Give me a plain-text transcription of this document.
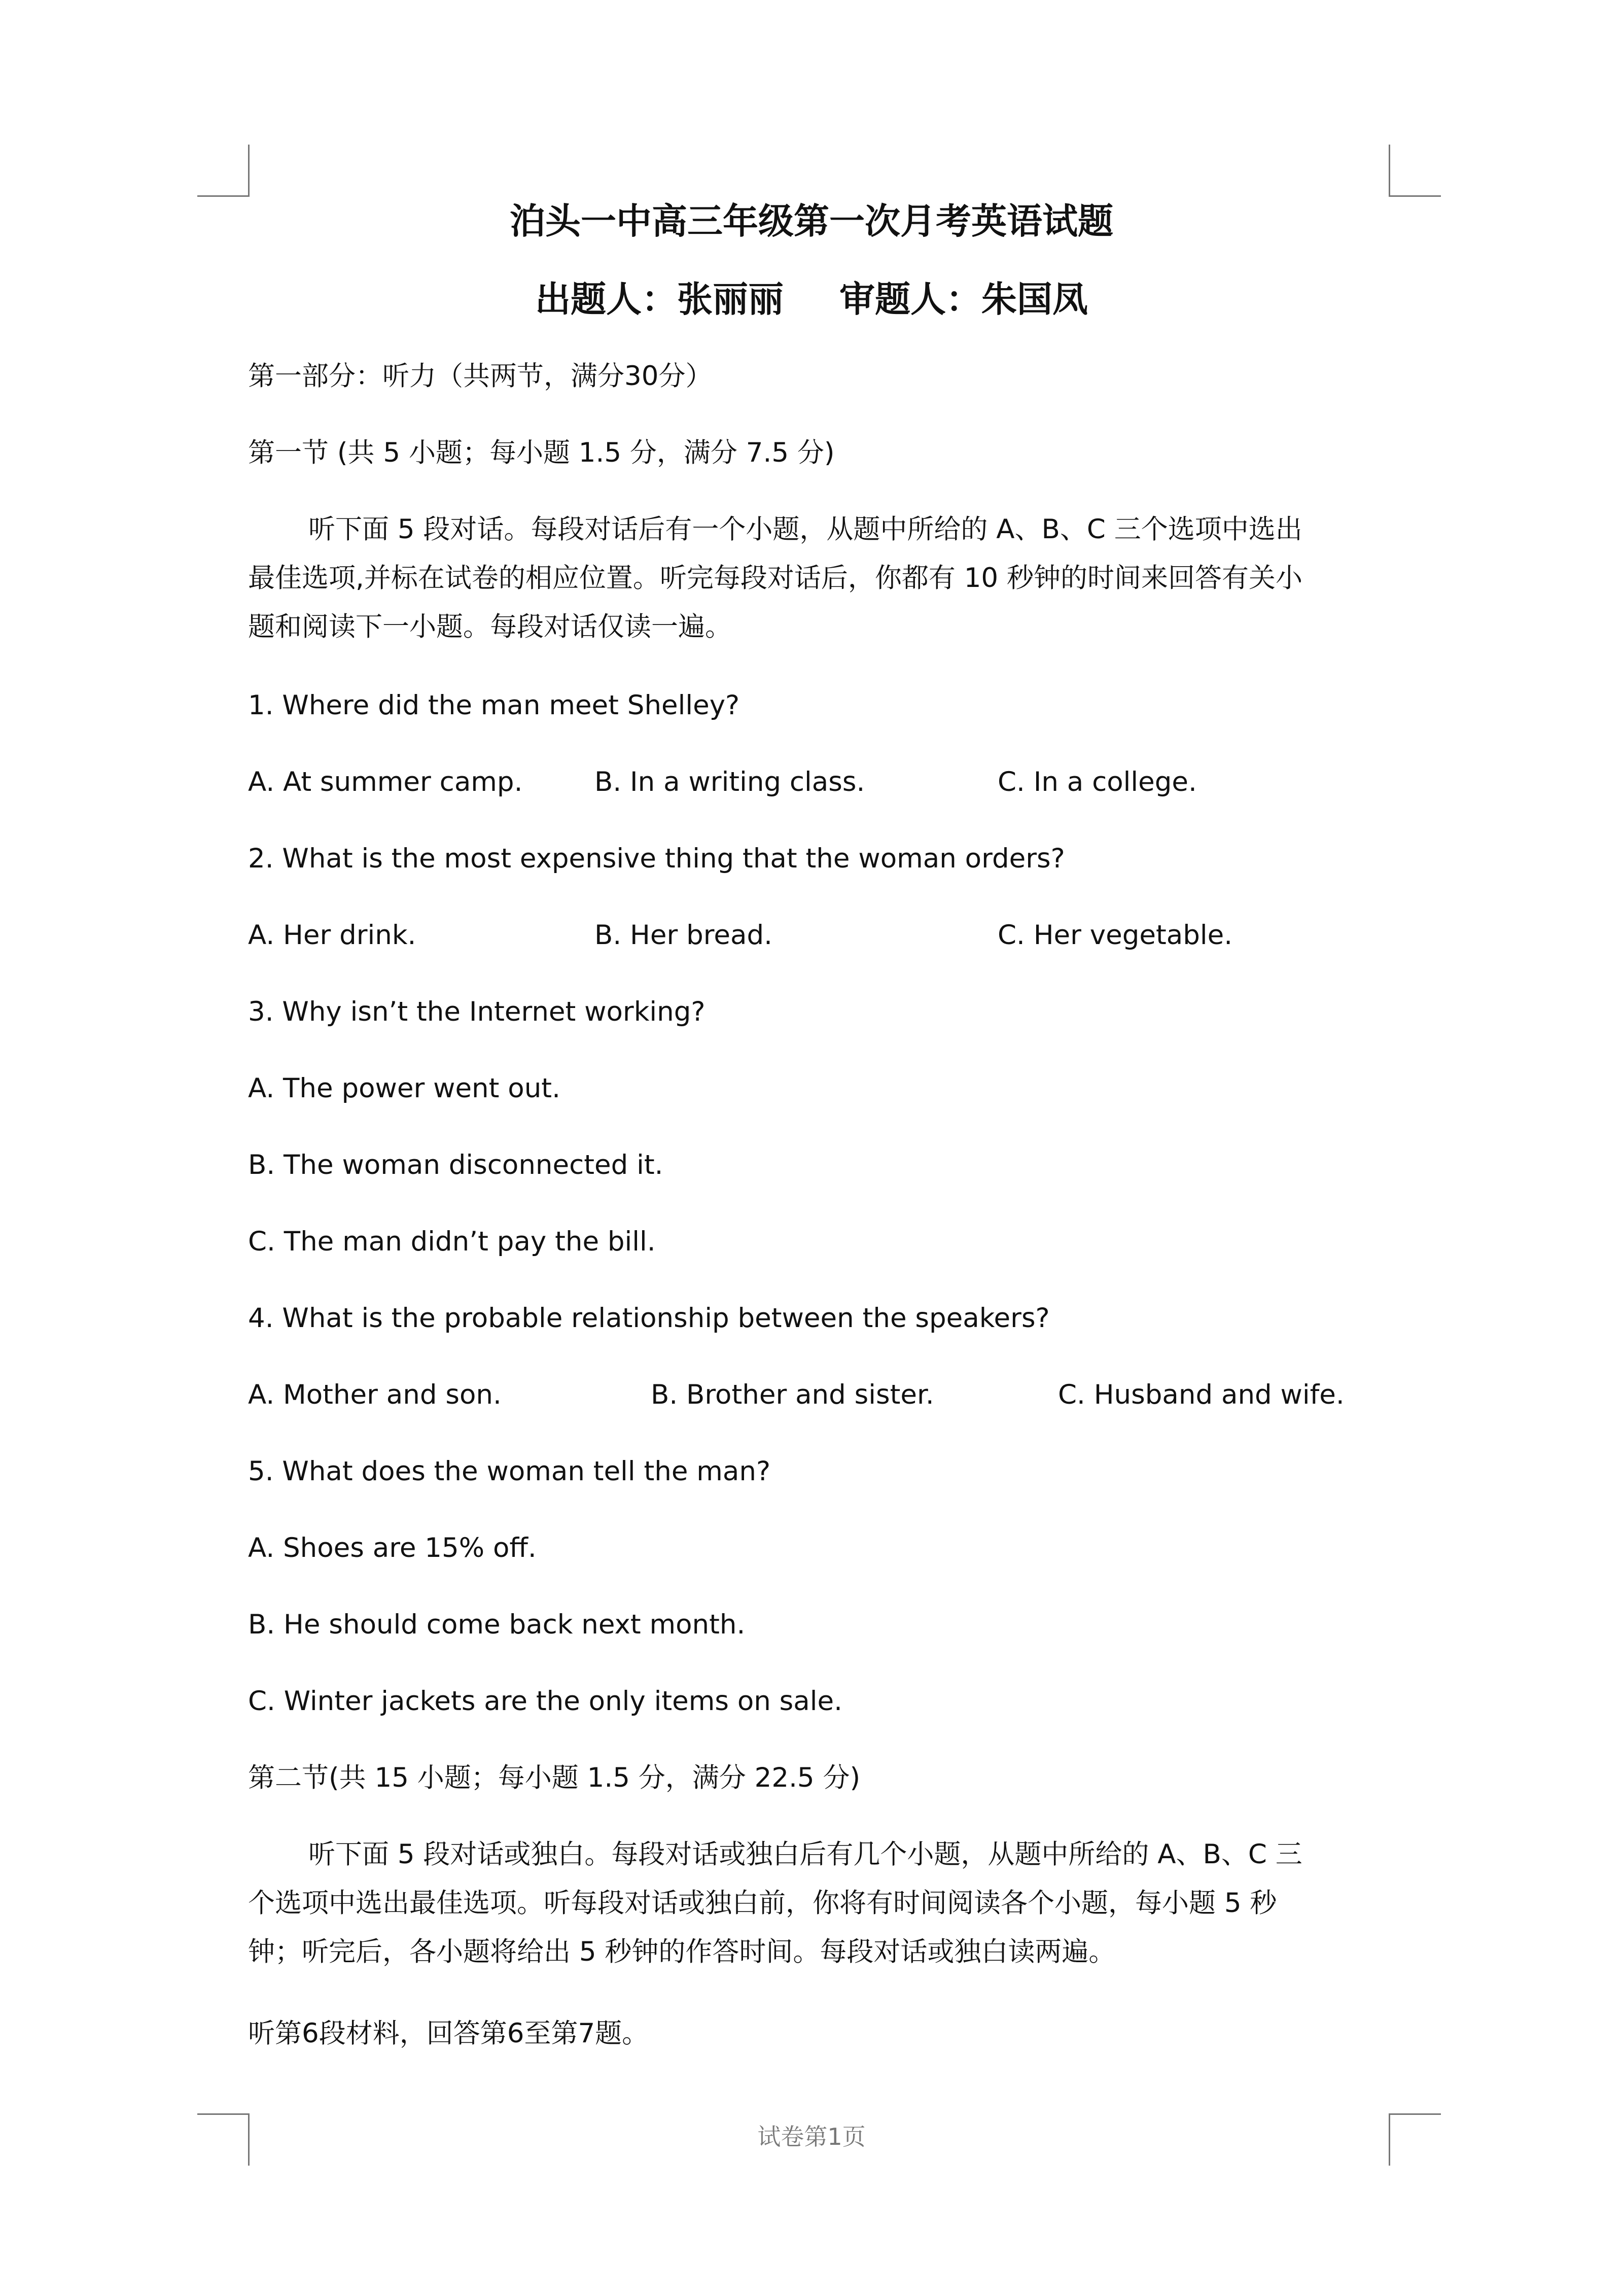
泊头一中高三年级第一次月考英语试题
出题人：张丽丽 审题人：朱国凤
第一部分：听力（共两节，满分30分）
第一节 (共 5 小题；每小题 1.5 分，满分 7.5 分)
听下面 5 段对话。每段对话后有一个小题，从题中所给的 A、B、C 三个选项中选出
最佳选项,并标在试卷的相应位置。听完每段对话后，你都有 10 秒钟的时间来回答有关小
题和阅读下一小题。每段对话仅读一遍。
1. Where did the man meet Shelley?
A. At summer camp.	B. In a writing class.	C. In a college.
2. What is the most expensive thing that the woman orders?
A. Her drink.	B. Her bread.	C. Her vegetable.
3. Why isn’t the Internet working?
A. The power went out.
B. The woman disconnected it.
C. The man didn’t pay the bill.
4. What is the probable relationship between the speakers?
A. Mother and son.	B. Brother and sister.	C. Husband and wife.
5. What does the woman tell the man?
A. Shoes are 15% off.
B. He should come back next month.
C. Winter jackets are the only items on sale.
第二节(共 15 小题；每小题 1.5 分，满分 22.5 分)
听下面 5 段对话或独白。每段对话或独白后有几个小题，从题中所给的 A、B、C 三
个选项中选出最佳选项。听每段对话或独白前，你将有时间阅读各个小题，每小题 5 秒
钟；听完后，各小题将给出 5 秒钟的作答时间。每段对话或独白读两遍。
听第6段材料，回答第6至第7题。
试卷第1页
